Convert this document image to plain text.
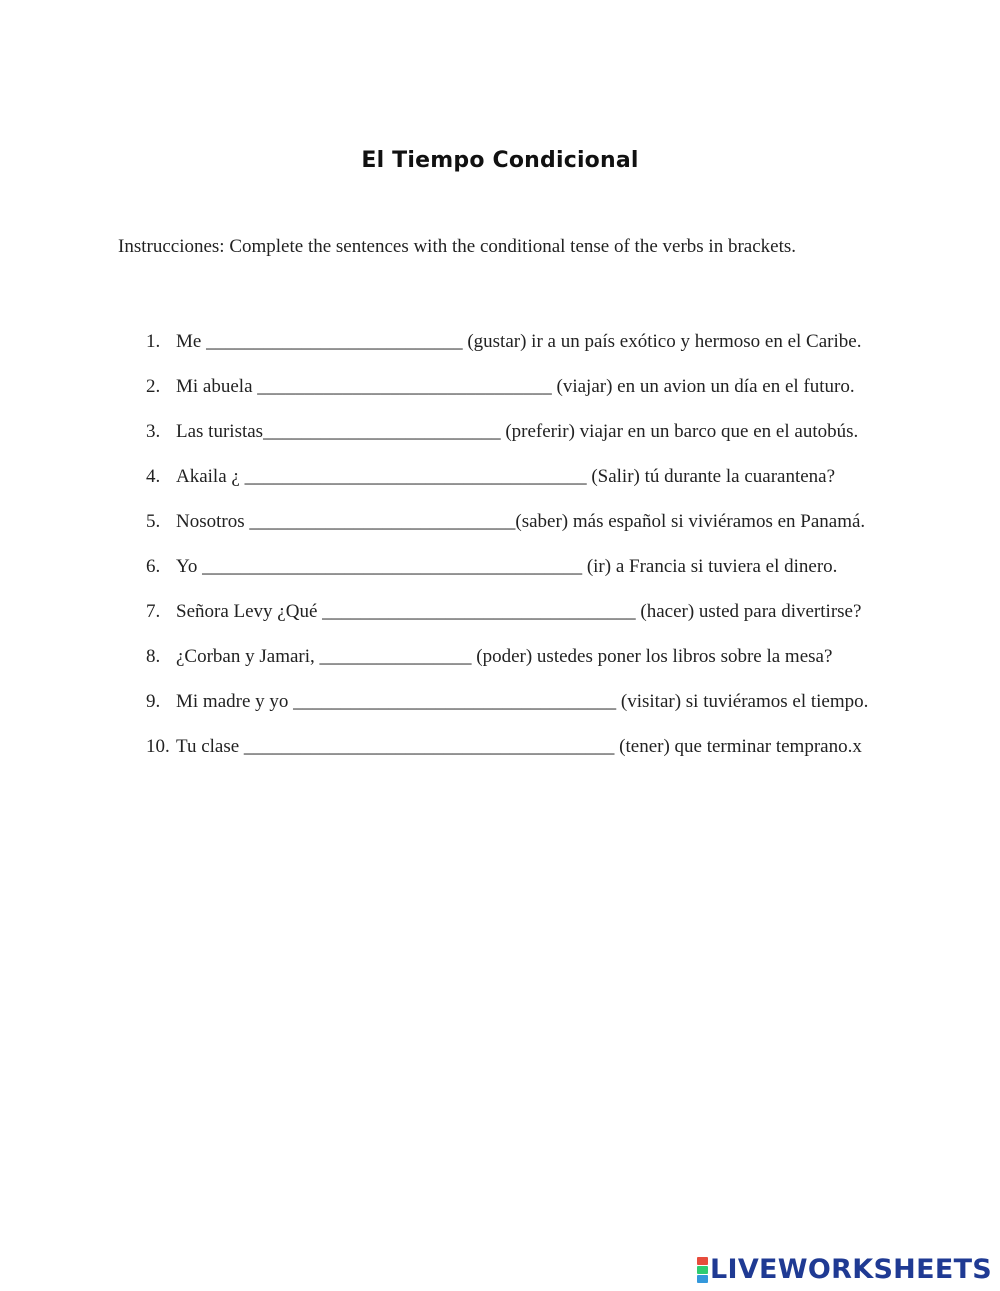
El Tiempo Condicional
Instrucciones: Complete the sentences with the conditional tense of the verbs in brackets.
1. Me ___________________________ (gustar) ir a un país exótico y hermoso en el Caribe.
2. Mi abuela _______________________________ (viajar) en un avion un día en el futuro.
3. Las turistas_________________________ (preferir) viajar en un barco que en el autobús.
4. Akaila ¿ ____________________________________ (Salir) tú durante la cuarantena?
5. Nosotros ____________________________(saber) más español si viviéramos en Panamá.
6. Yo ________________________________________ (ir) a Francia si tuviera el dinero.
7. Señora Levy ¿Qué _________________________________ (hacer) usted para divertirse?
8. ¿Corban y Jamari, ________________ (poder) ustedes poner los libros sobre la mesa?
9. Mi madre y yo __________________________________ (visitar) si tuviéramos el tiempo.
10. Tu clase _______________________________________ (tener) que terminar temprano.x
LIVEWORKSHEETS
